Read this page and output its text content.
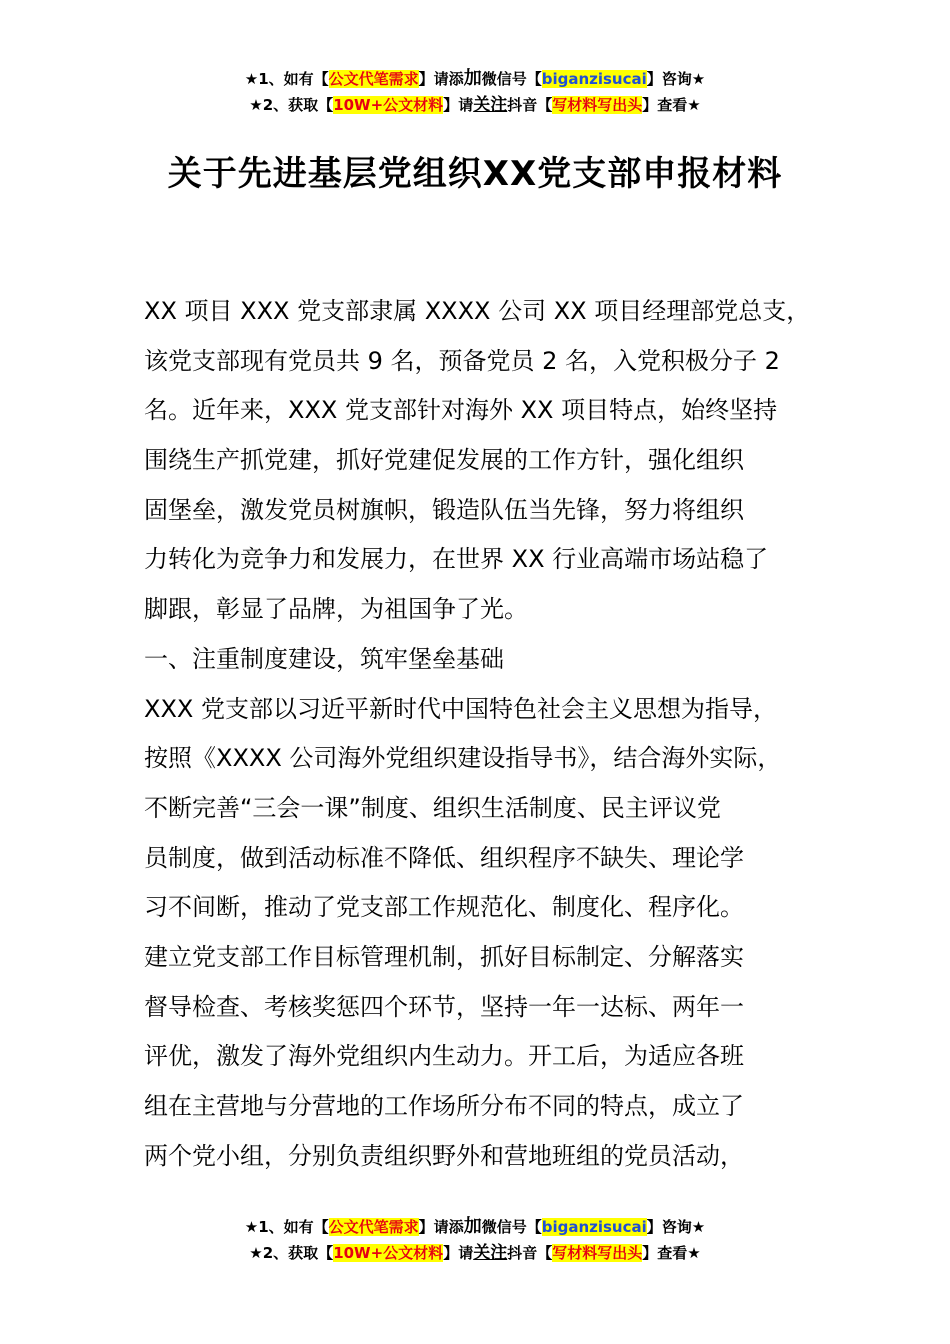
★1、如有【公文代笔需求】请添加微信号【biganzisucai】咨询★
★2、获取【10W+公文材料】请关注抖音【写材料写出头】查看★
关于先进基层党组织XX党支部申报材料
XX 项目 XXX 党支部隶属 XXXX 公司 XX 项目经理部党总支，
该党支部现有党员共 9 名，预备党员 2 名，入党积极分子 2
名。近年来，XXX 党支部针对海外 XX 项目特点，始终坚持
围绕生产抓党建，抓好党建促发展的工作方针，强化组织
固堡垒，激发党员树旗帜，锻造队伍当先锋，努力将组织
力转化为竞争力和发展力，在世界 XX 行业高端市场站稳了
脚跟，彰显了品牌，为祖国争了光。
一、注重制度建设，筑牢堡垒基础
XXX 党支部以习近平新时代中国特色社会主义思想为指导，
按照《XXXX 公司海外党组织建设指导书》，结合海外实际，
不断完善“三会一课”制度、组织生活制度、民主评议党
员制度，做到活动标准不降低、组织程序不缺失、理论学
习不间断，推动了党支部工作规范化、制度化、程序化。
建立党支部工作目标管理机制，抓好目标制定、分解落实
督导检查、考核奖惩四个环节，坚持一年一达标、两年一
评优，激发了海外党组织内生动力。开工后，为适应各班
组在主营地与分营地的工作场所分布不同的特点，成立了
两个党小组，分别负责组织野外和营地班组的党员活动，
★1、如有【公文代笔需求】请添加微信号【biganzisucai】咨询★
★2、获取【10W+公文材料】请关注抖音【写材料写出头】查看★
